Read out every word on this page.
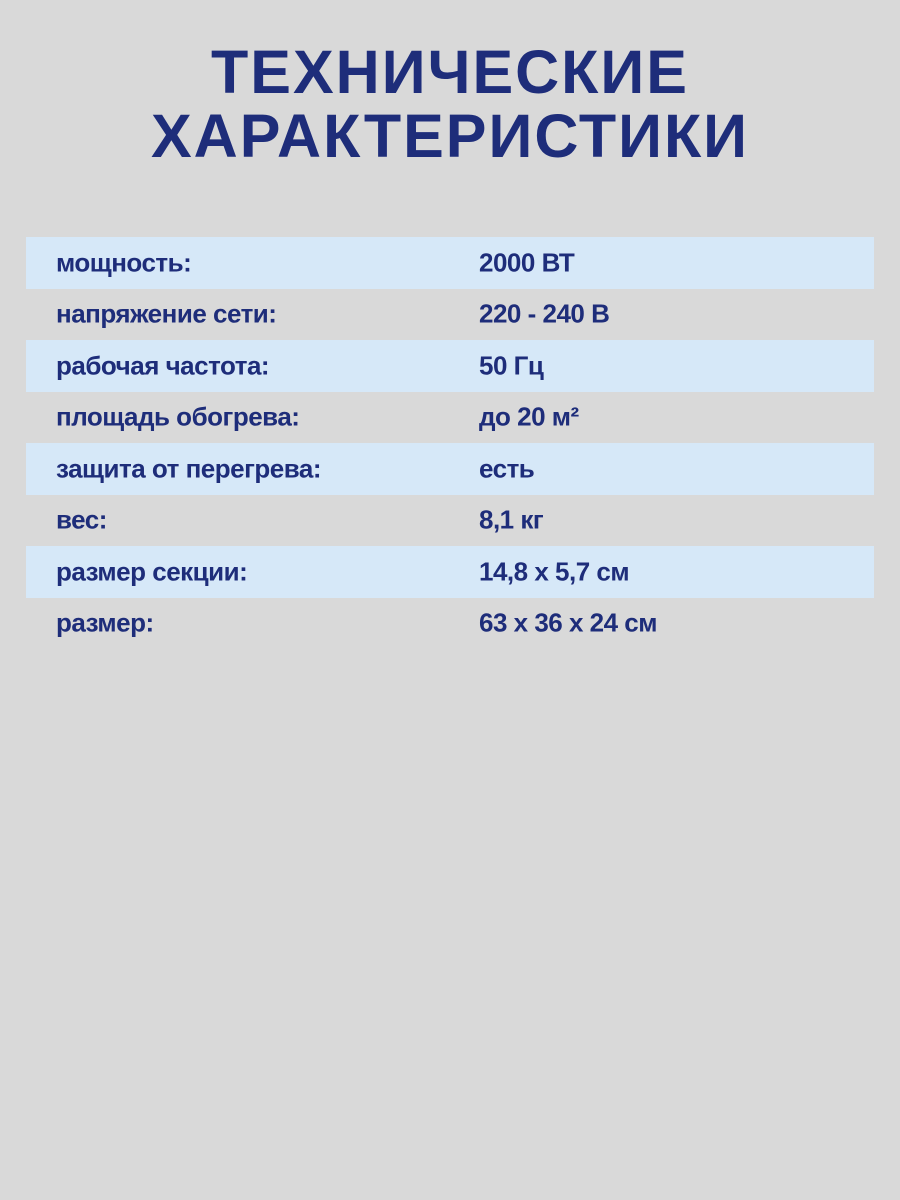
ТЕХНИЧЕСКИЕ
ХАРАКТЕРИСТИКИ
мощность:	2000 ВТ
напряжение сети:	220 - 240 В
рабочая частота:	50 Гц
площадь обогрева:	до 20 м²
защита от перегрева:	есть
вес:	8,1 кг
размер секции:	14,8 х 5,7 см
размер:	63 х 36 х 24 см
